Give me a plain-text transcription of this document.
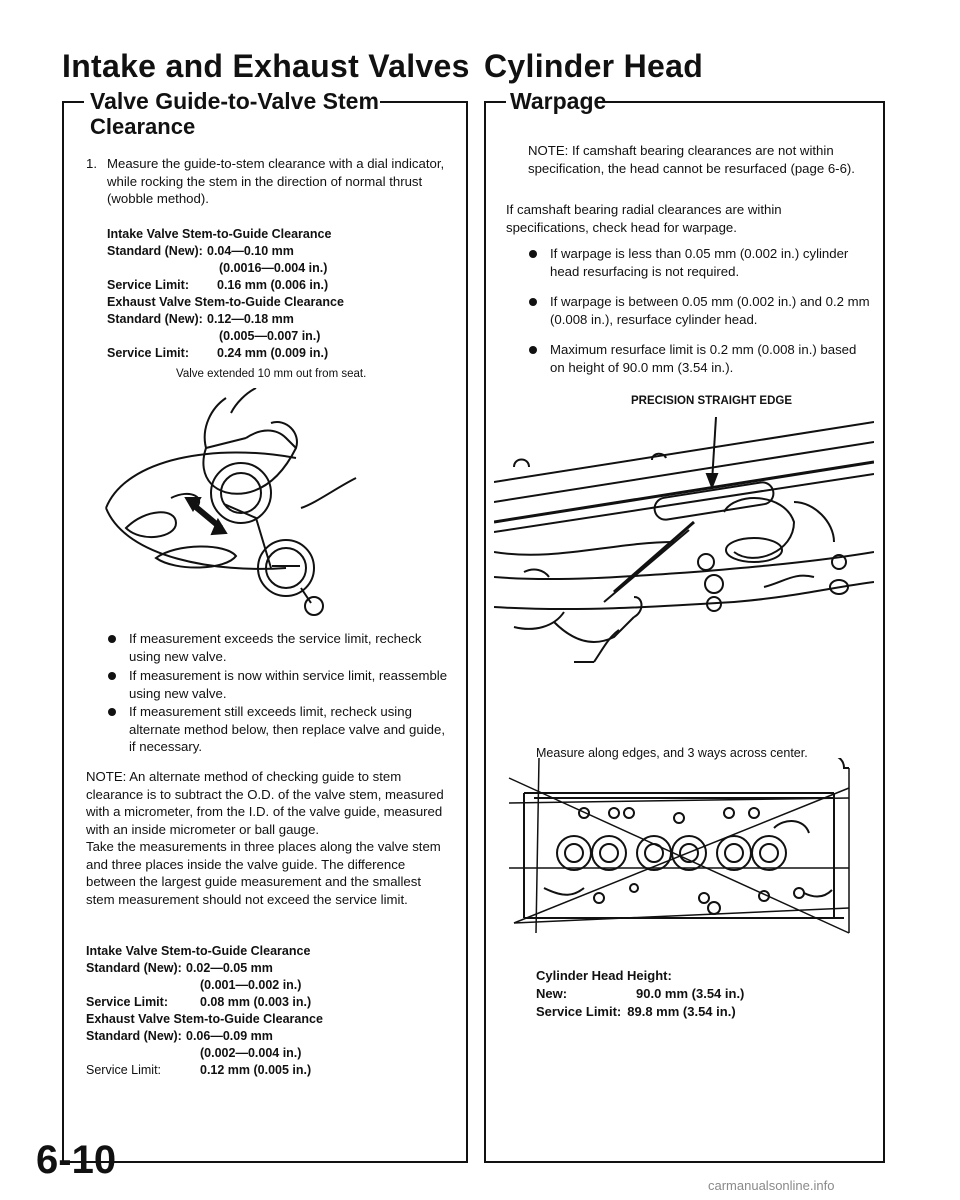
Intake and Exhaust Valves
Valve Guide-to-Valve Stem
Clearance
1. Measure the guide-to-stem clearance with a dial indicator, while rocking the stem in the direction of normal thrust (wobble method).
Intake Valve Stem-to-Guide Clearance
Standard (New): 0.04—0.10 mm
(0.0016—0.004 in.)
Service Limit: 0.16 mm (0.006 in.)
Exhaust Valve Stem-to-Guide Clearance
Standard (New): 0.12—0.18 mm
(0.005—0.007 in.)
Service Limit: 0.24 mm (0.009 in.)
Valve extended 10 mm out from seat.
If measurement exceeds the service limit, recheck using new valve.
If measurement is now within service limit, reassemble using new valve.
If measurement still exceeds limit, recheck using alternate method below, then replace valve and guide, if necessary.
NOTE: An alternate method of checking guide to stem clearance is to subtract the O.D. of the valve stem, measured with a micrometer, from the I.D. of the valve guide, measured with an inside micrometer or ball gauge.
Take the measurements in three places along the valve stem and three places inside the valve guide. The difference between the largest guide measurement and the smallest stem measurement should not exceed the service limit.
Intake Valve Stem-to-Guide Clearance
Standard (New): 0.02—0.05 mm
(0.001—0.002 in.)
Service Limit:	0.08 mm (0.003 in.)
Exhaust Valve Stem-to-Guide Clearance
Standard (New): 0.06—0.09 mm
(0.002—0.004 in.)
Service Limit:	0.12 mm (0.005 in.)
Cylinder Head
Warpage
NOTE: If camshaft bearing clearances are not within specification, the head cannot be resurfaced (page 6-6).
If camshaft bearing radial clearances are within specifications, check head for warpage.
If warpage is less than 0.05 mm (0.002 in.) cylinder head resurfacing is not required.
If warpage is between 0.05 mm (0.002 in.) and 0.2 mm (0.008 in.), resurface cylinder head.
Maximum resurface limit is 0.2 mm (0.008 in.) based on height of 90.0 mm (3.54 in.).
PRECISION STRAIGHT EDGE
Measure along edges, and 3 ways across center.
Cylinder Head Height:
New:	90.0 mm (3.54 in.)
Service Limit: 89.8 mm (3.54 in.)
6-10
carmanualsonline.info
